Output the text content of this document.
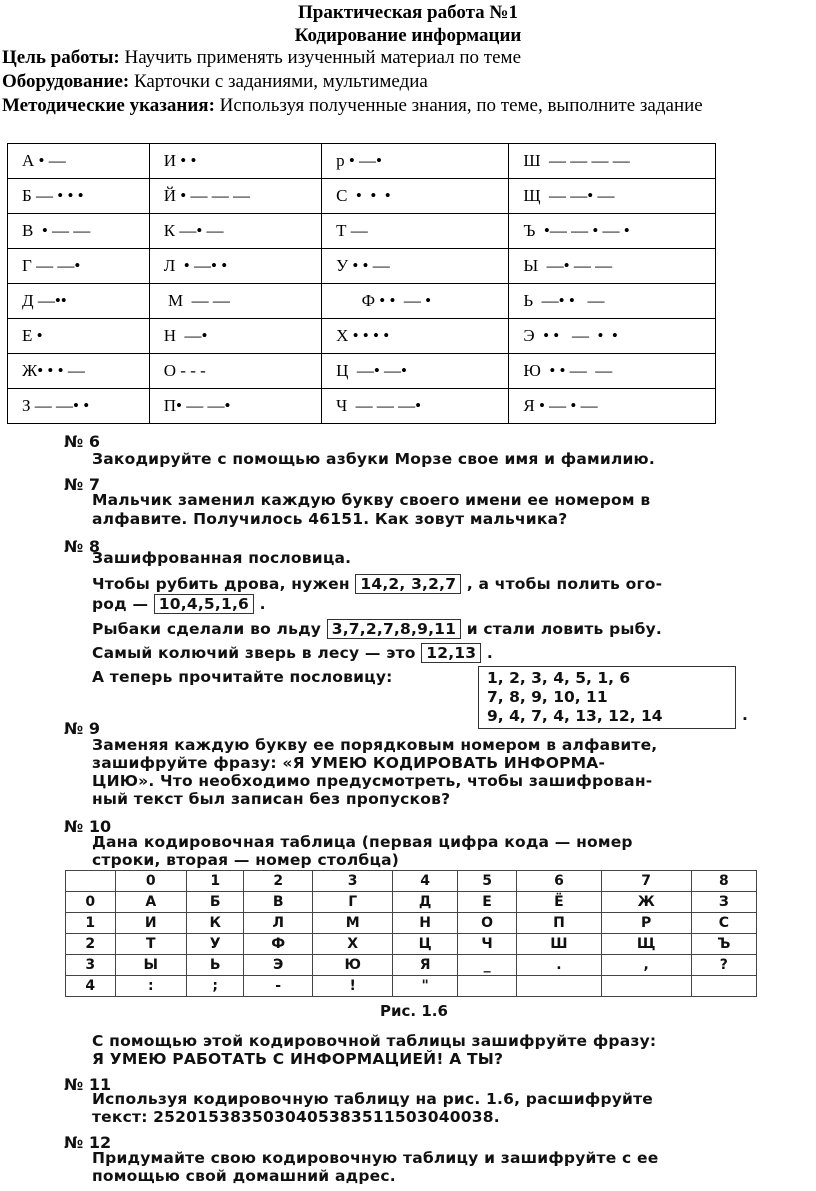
Практическая работа №1
Кодирование информации
Цель работы: Научить применять изученный материал по теме
Оборудование: Карточки с заданиями, мультимедиа
Методические указания: Используя полученные знания, по теме, выполните задание
А • —	И • •	р • —•	Ш  — — — —
Б — • • •	Й • — — —	С  •  •  •	Щ  — —• —
В  • — —	К —• —	Т —	Ъ  •— — • — •
Г — —•	Л  • —• •	У • • —	Ы  —• — —
Д —••	М  — —	Ф • •  — •	Ь  —• •   —
Е •	Н  —•	Х • • • •	Э  • •   —  •  •
Ж• • • —	О - - -	Ц  —• —•	Ю  • • —  —
З — —• •	П• — —•	Ч  — — —•	Я • — • —
№ 6
Закодируйте с помощью азбуки Морзе свое имя и фамилию.
№ 7
Мальчик заменил каждую букву своего имени ее номером в
алфавите. Получилось 46151. Как зовут мальчика?
№ 8
Зашифрованная пословица.
Чтобы рубить дрова, нужен 14,2, 3,2,7 , а чтобы полить ого-
род — 10,4,5,1,6 .
Рыбаки сделали во льду 3,7,2,7,8,9,11 и стали ловить рыбу.
Самый колючий зверь в лесу — это 12,13 .
А теперь прочитайте пословицу:	1, 2, 3, 4, 5, 1, 6
7, 8, 9, 10, 11
9, 4, 7, 4, 13, 12, 14	.
№ 9
Заменяя каждую букву ее порядковым номером в алфавите,
зашифруйте фразу: «Я УМЕЮ КОДИРОВАТЬ ИНФОРМА-
ЦИЮ». Что необходимо предусмотреть, чтобы зашифрован-
ный текст был записан без пропусков?
№ 10
Дана кодировочная таблица (первая цифра кода — номер
строки, вторая — номер столбца)
	0	1	2	3	4	5	6	7	8
0	А	Б	В	Г	Д	Е	Ё	Ж	З
1	И	К	Л	М	Н	О	П	Р	С
2	Т	У	Ф	Х	Ц	Ч	Ш	Щ	Ъ
3	Ы	Ь	Э	Ю	Я	_	.	,	?
4	:	;	-	!	"				
Рис. 1.6
С помощью этой кодировочной таблицы зашифруйте фразу:
Я УМЕЮ РАБОТАТЬ С ИНФОРМАЦИЕЙ! А ТЫ?
№ 11
Используя кодировочную таблицу на рис. 1.6, расшифруйте
текст: 2520153835030405383511503040038.
№ 12
Придумайте свою кодировочную таблицу и зашифруйте с ее
помощью свой домашний адрес.
